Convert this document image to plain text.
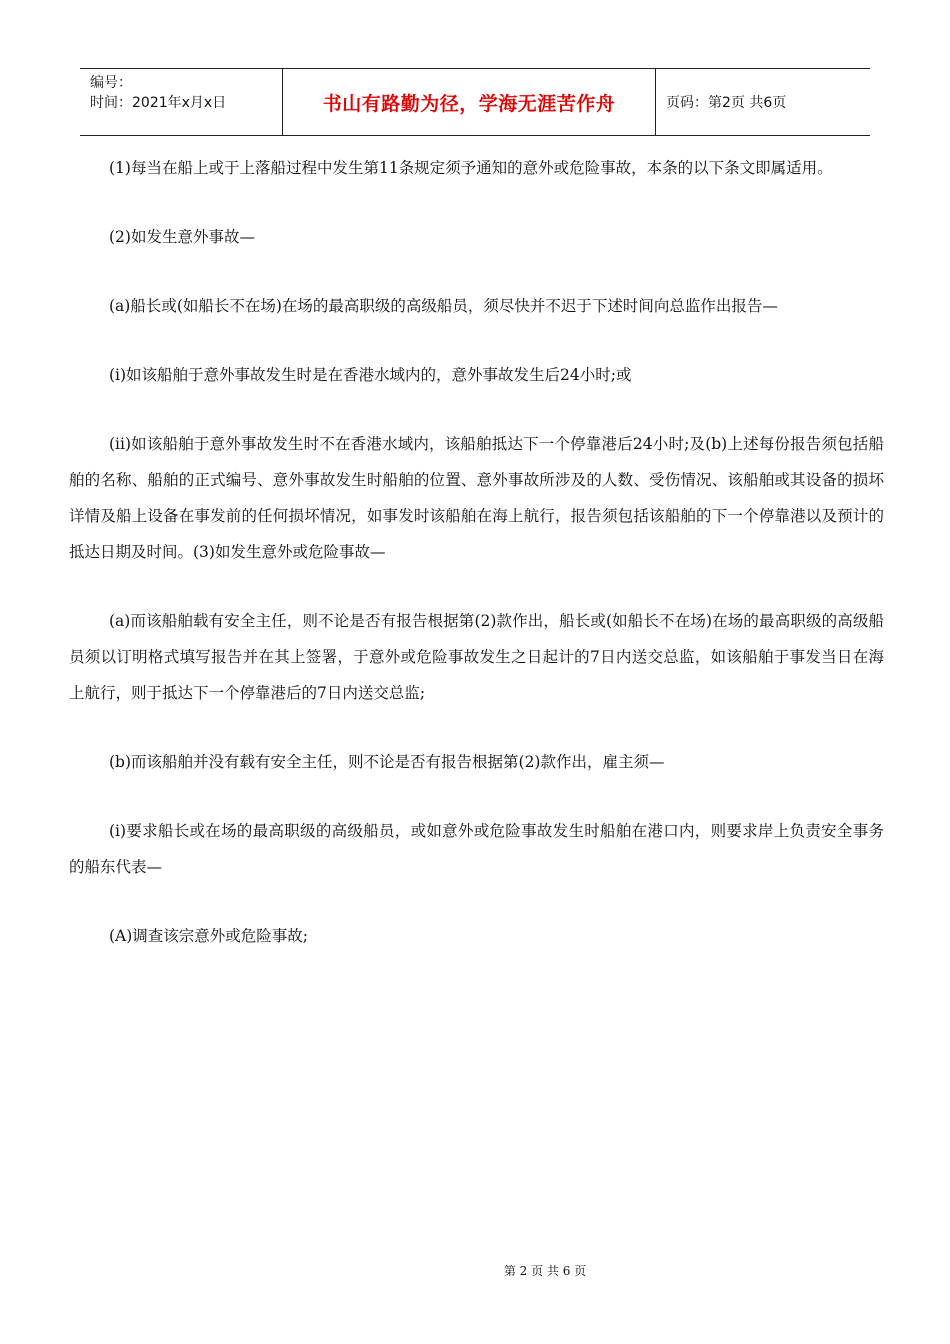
编号：
时间：2021年x月x日	书山有路勤为径，学海无涯苦作舟	页码：第2页 共6页

(1)每当在船上或于上落船过程中发生第11条规定须予通知的意外或危险事故，本条的以下条文即属适用。

(2)如发生意外事故—

(a)船长或(如船长不在场)在场的最高职级的高级船员，须尽快并不迟于下述时间向总监作出报告—

(i)如该船舶于意外事故发生时是在香港水域内的，意外事故发生后24小时;或

(ii)如该船舶于意外事故发生时不在香港水域内，该船舶抵达下一个停靠港后24小时;及(b)上述每份报告须包括船舶的名称、船舶的正式编号、意外事故发生时船舶的位置、意外事故所涉及的人数、受伤情况、该船舶或其设备的损坏详情及船上设备在事发前的任何损坏情况，如事发时该船舶在海上航行，报告须包括该船舶的下一个停靠港以及预计的抵达日期及时间。(3)如发生意外或危险事故—

(a)而该船舶载有安全主任，则不论是否有报告根据第(2)款作出，船长或(如船长不在场)在场的最高职级的高级船员须以订明格式填写报告并在其上签署，于意外或危险事故发生之日起计的7日内送交总监，如该船舶于事发当日在海上航行，则于抵达下一个停靠港后的7日内送交总监;

(b)而该船舶并没有载有安全主任，则不论是否有报告根据第(2)款作出，雇主须—

(i)要求船长或在场的最高职级的高级船员，或如意外或危险事故发生时船舶在港口内，则要求岸上负责安全事务的船东代表—

(A)调查该宗意外或危险事故;

第 2 页 共 6 页
